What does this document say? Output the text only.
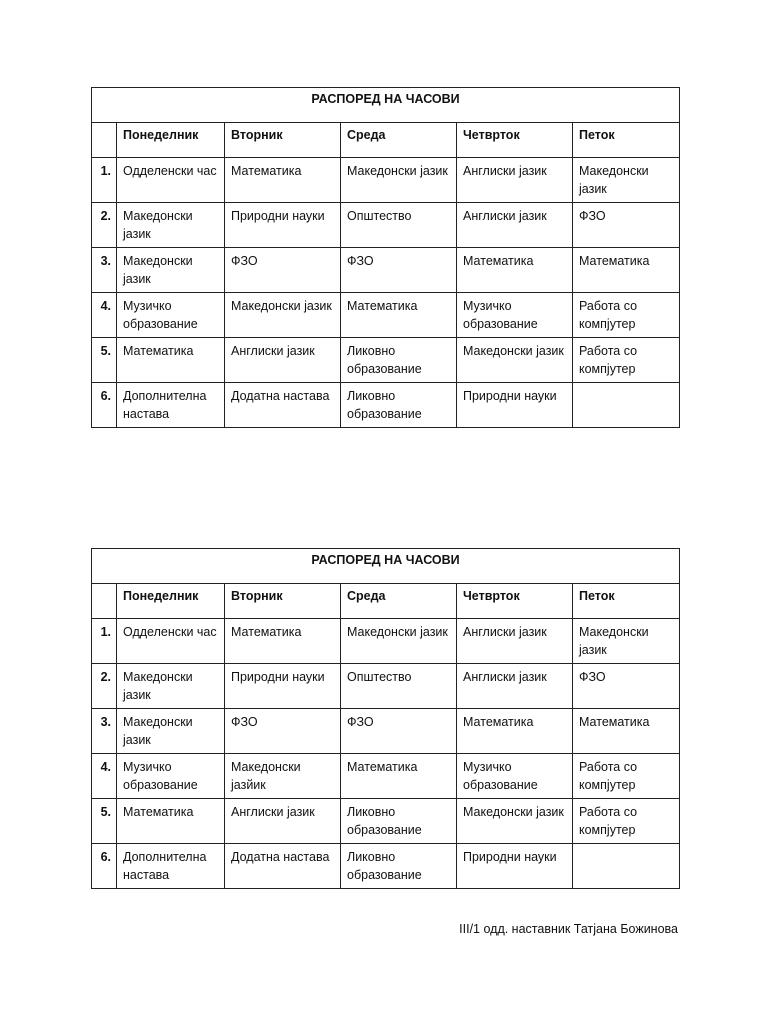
РАСПОРЕД НА ЧАСОВИ					
	Понеделник	Вторник	Среда	Четврток	Петок
1.	Одделенски час	Математика	Македонски јазик	Англиски јазик	Македонски јазик
2.	Македонски јазик	Природни науки	Општество	Англиски јазик	ФЗО
3.	Македонски јазик	ФЗО	ФЗО	Математика	Математика
4.	Музичко образование	Македонски јазик	Математика	Музичко образование	Работа со компјутер
5.	Математика	Англиски јазик	Ликовно образование	Македонски јазик	Работа со компјутер
6.	Дополнителна настава	Додатна настава	Ликовно образование	Природни науки	
РАСПОРЕД НА ЧАСОВИ					
	Понеделник	Вторник	Среда	Четврток	Петок
1.	Одделенски час	Математика	Македонски јазик	Англиски јазик	Македонски јазик
2.	Македонски јазик	Природни науки	Општество	Англиски јазик	ФЗО
3.	Македонски јазик	ФЗО	ФЗО	Математика	Математика
4.	Музичко образование	Македонски јазйик	Математика	Музичко образование	Работа со компјутер
5.	Математика	Англиски јазик	Ликовно образование	Македонски јазик	Работа со компјутер
6.	Дополнителна настава	Додатна настава	Ликовно образование	Природни науки	
III/1 одд. наставник Татјана Божинова
